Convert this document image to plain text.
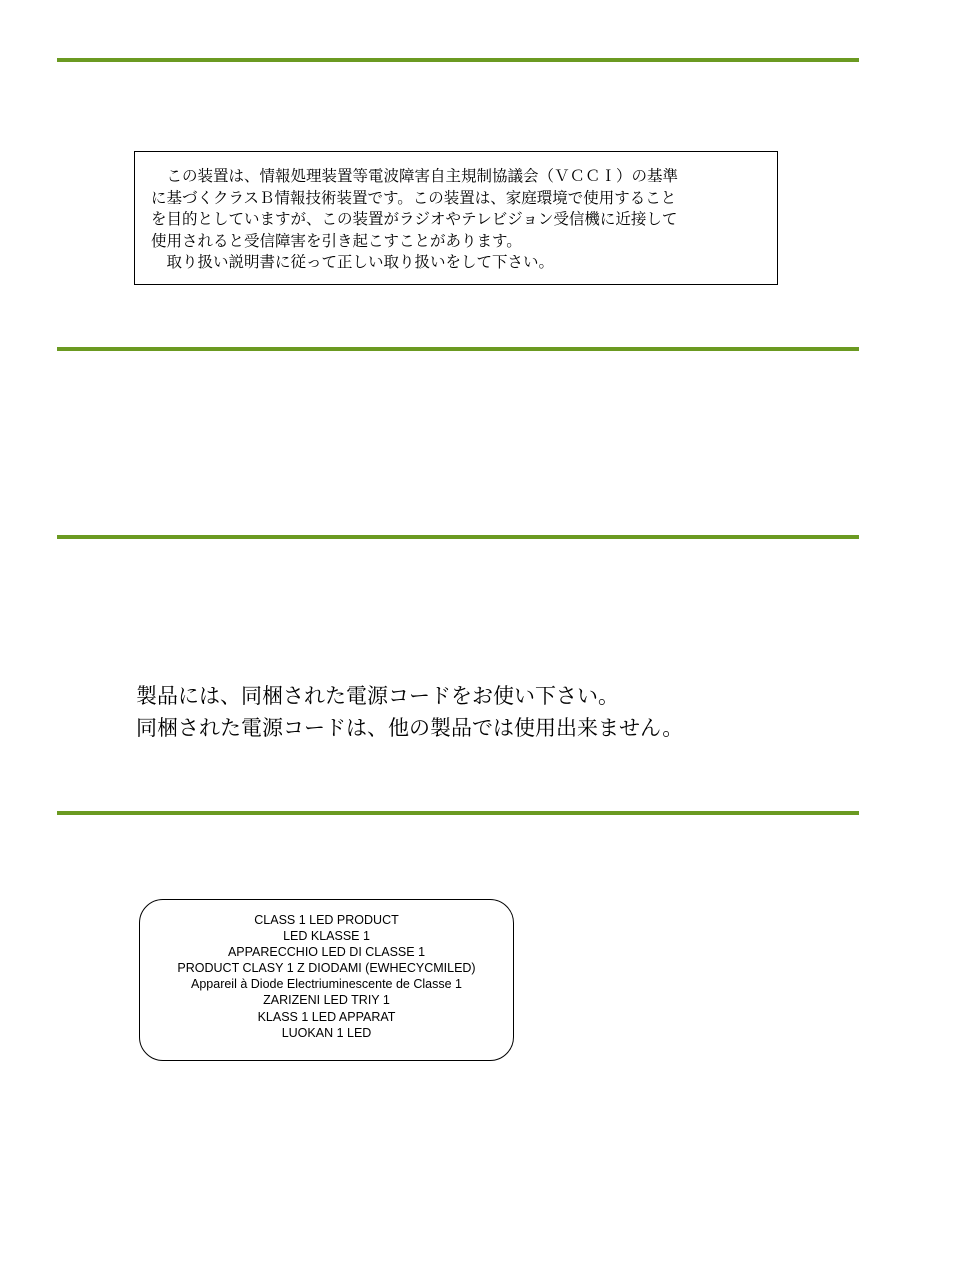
　この装置は、情報処理装置等電波障害自主規制協議会（ＶＣＣＩ）の基準

に基づくクラスＢ情報技術装置です。この装置は、家庭環境で使用すること

を目的としていますが、この装置がラジオやテレビジョン受信機に近接して

使用されると受信障害を引き起こすことがあります。

　取り扱い説明書に従って正しい取り扱いをして下さい。

製品には、同梱された電源コードをお使い下さい。

同梱された電源コードは、他の製品では使用出来ません。

CLASS 1 LED PRODUCT

LED KLASSE 1

APPARECCHIO LED DI CLASSE 1

PRODUCT CLASY 1 Z DIODAMI (EWHECYCMILED)

Appareil à Diode Electriuminescente de Classe 1

ZARIZENI LED TRIY 1

KLASS 1 LED APPARAT

LUOKAN 1 LED
